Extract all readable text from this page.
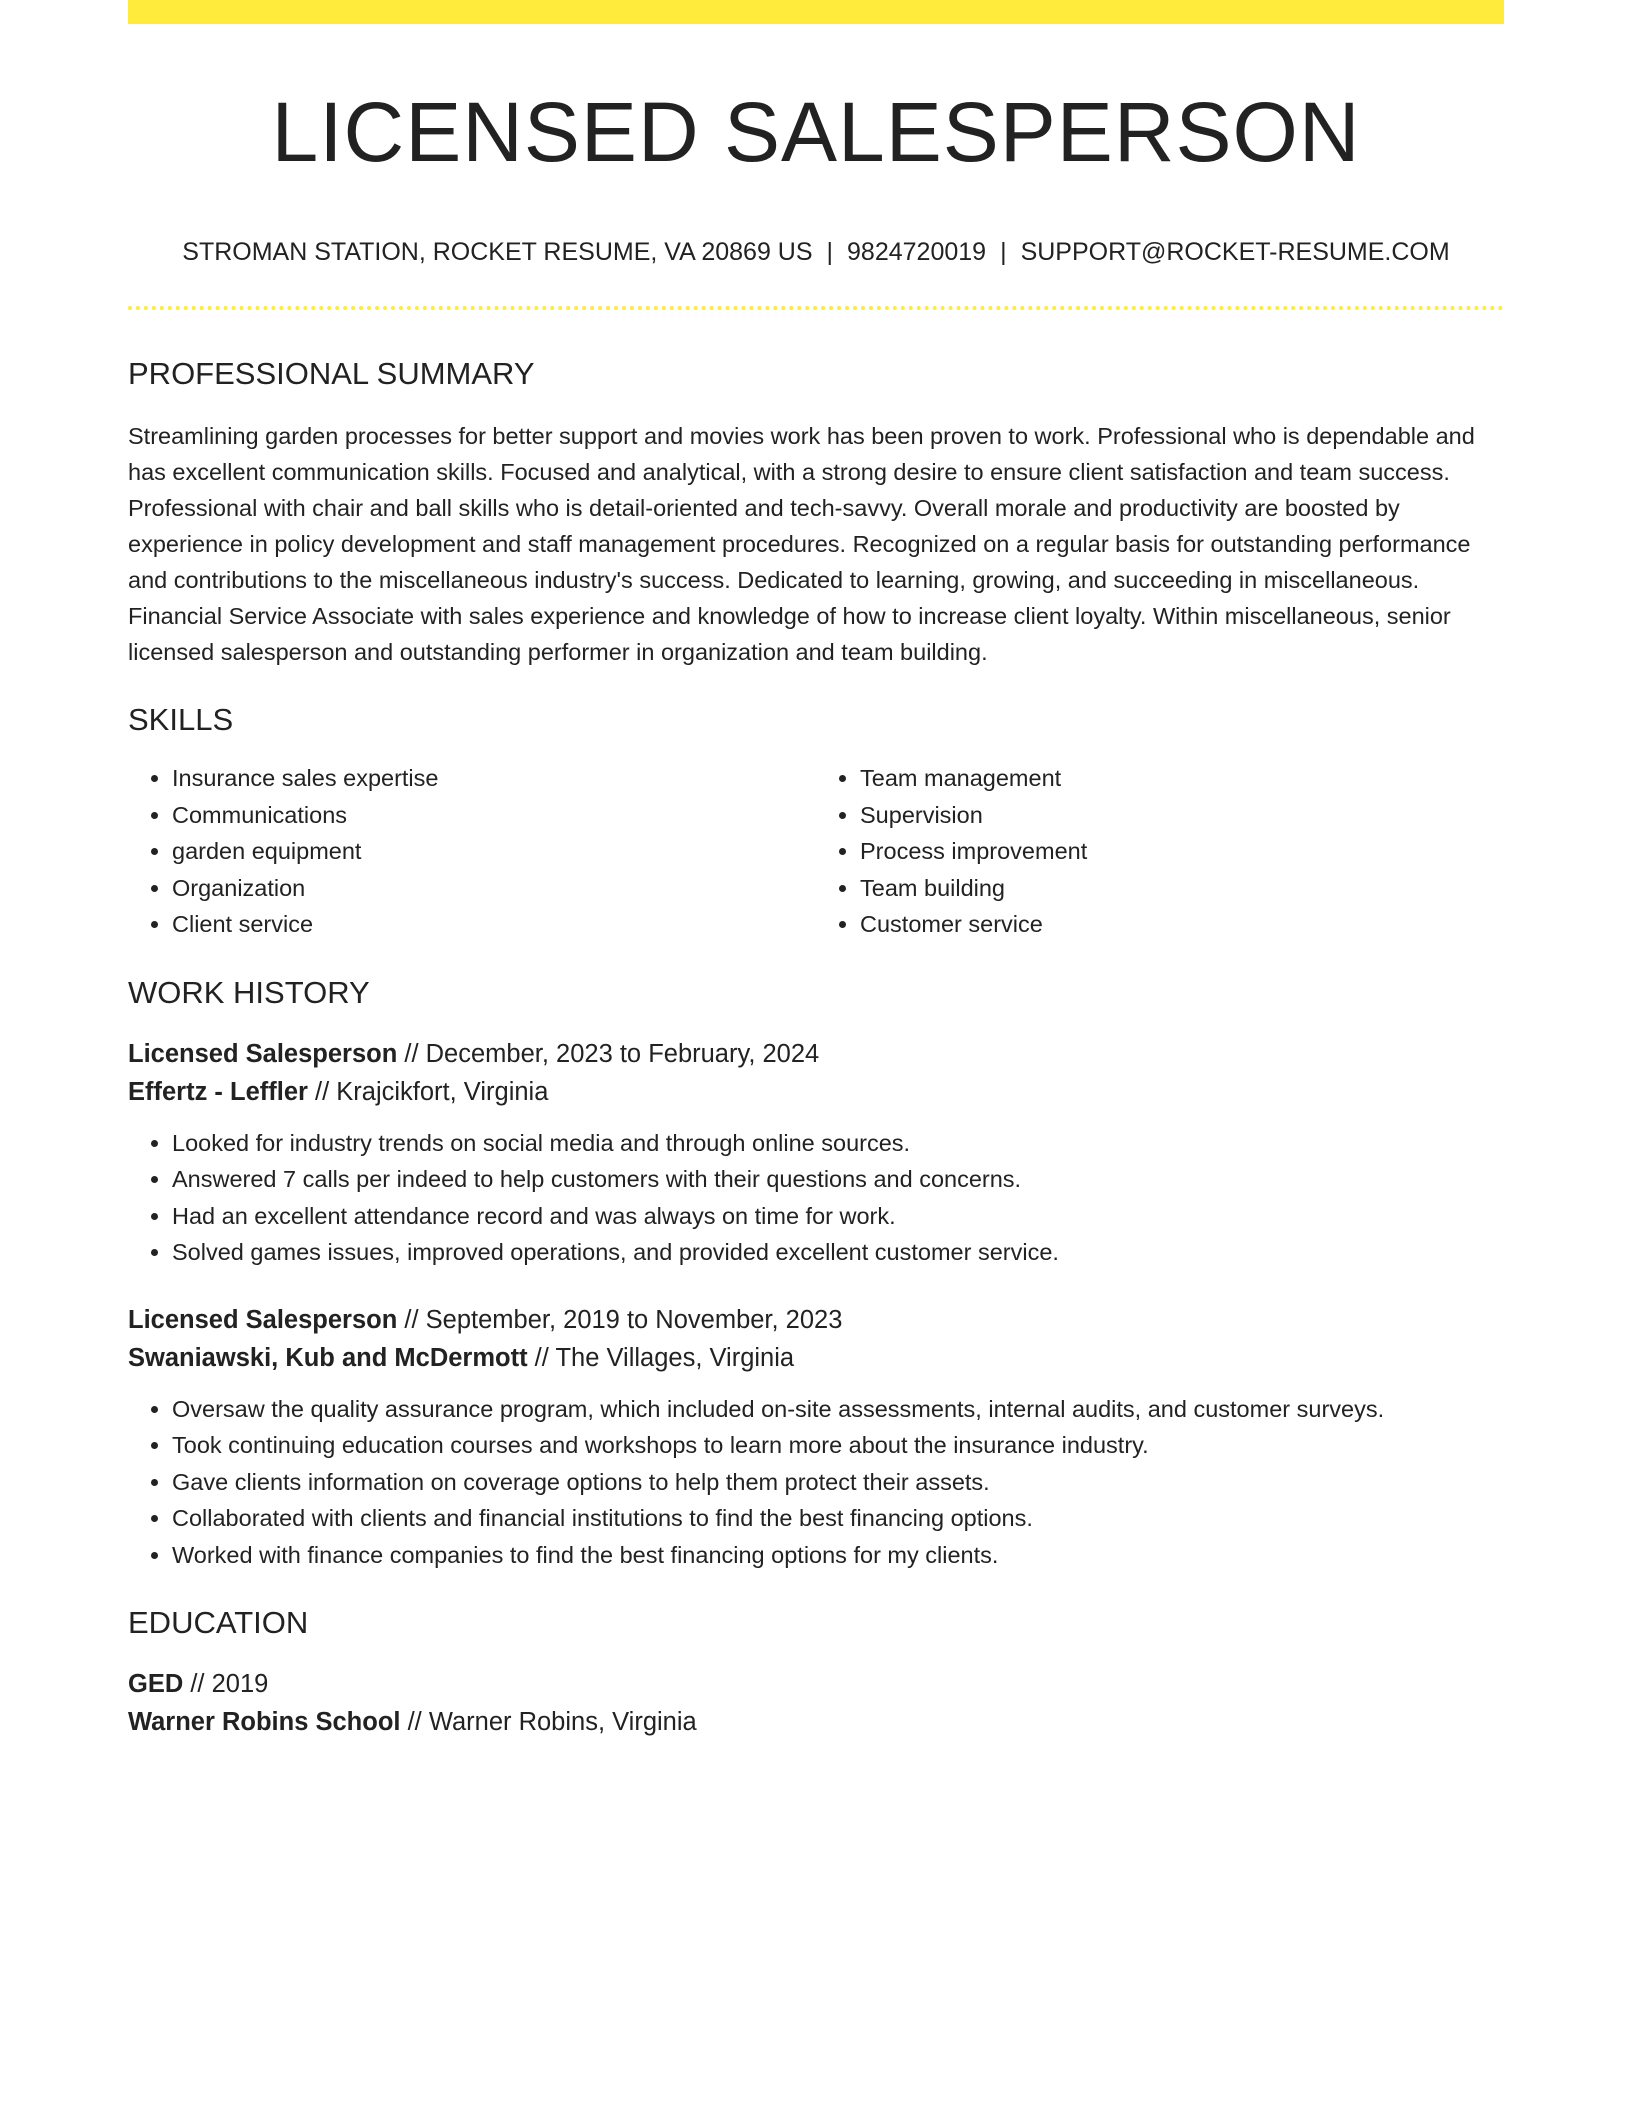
LICENSED SALESPERSON
STROMAN STATION, ROCKET RESUME, VA 20869 US | 9824720019 | SUPPORT@ROCKET-RESUME.COM
PROFESSIONAL SUMMARY

Streamlining garden processes for better support and movies work has been proven to work. Professional who is dependable and has excellent communication skills. Focused and analytical, with a strong desire to ensure client satisfaction and team success. Professional with chair and ball skills who is detail-oriented and tech-savvy. Overall morale and productivity are boosted by experience in policy development and staff management procedures. Recognized on a regular basis for outstanding performance and contributions to the miscellaneous industry's success. Dedicated to learning, growing, and succeeding in miscellaneous. Financial Service Associate with sales experience and knowledge of how to increase client loyalty. Within miscellaneous, senior licensed salesperson and outstanding performer in organization and team building.

SKILLS
• Insurance sales expertise
• Communications
• garden equipment
• Organization
• Client service
• Team management
• Supervision
• Process improvement
• Team building
• Customer service
WORK HISTORY

Licensed Salesperson // December, 2023 to February, 2024

Effertz - Leffler // Krajcikfort, Virginia

• Looked for industry trends on social media and through online sources.
• Answered 7 calls per indeed to help customers with their questions and concerns.
• Had an excellent attendance record and was always on time for work.
• Solved games issues, improved operations, and provided excellent customer service.

Licensed Salesperson // September, 2019 to November, 2023

Swaniawski, Kub and McDermott // The Villages, Virginia

• Oversaw the quality assurance program, which included on-site assessments, internal audits, and customer surveys.
• Took continuing education courses and workshops to learn more about the insurance industry.
• Gave clients information on coverage options to help them protect their assets.
• Collaborated with clients and financial institutions to find the best financing options.
• Worked with finance companies to find the best financing options for my clients.
EDUCATION

GED // 2019

Warner Robins School // Warner Robins, Virginia
